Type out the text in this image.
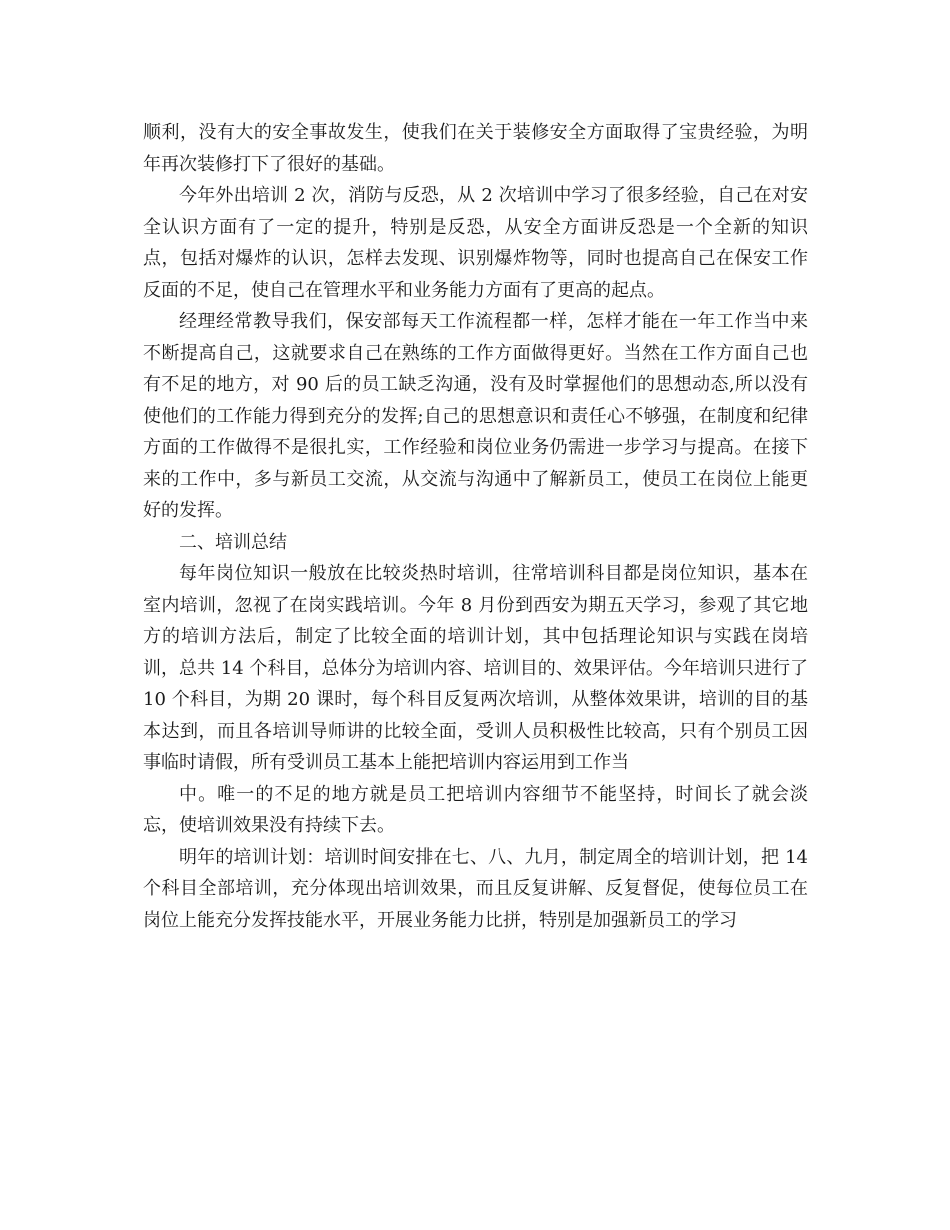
顺利，没有大的安全事故发生，使我们在关于装修安全方面取得了宝贵经验，为明年再次装修打下了很好的基础。

今年外出培训 2 次，消防与反恐，从 2 次培训中学习了很多经验，自己在对安全认识方面有了一定的提升，特别是反恐，从安全方面讲反恐是一个全新的知识点，包括对爆炸的认识，怎样去发现、识别爆炸物等，同时也提高自己在保安工作反面的不足，使自己在管理水平和业务能力方面有了更高的起点。

经理经常教导我们，保安部每天工作流程都一样，怎样才能在一年工作当中来不断提高自己，这就要求自己在熟练的工作方面做得更好。当然在工作方面自己也有不足的地方，对 90 后的员工缺乏沟通，没有及时掌握他们的思想动态,所以没有使他们的工作能力得到充分的发挥;自己的思想意识和责任心不够强，在制度和纪律方面的工作做得不是很扎实，工作经验和岗位业务仍需进一步学习与提高。在接下来的工作中，多与新员工交流，从交流与沟通中了解新员工，使员工在岗位上能更好的发挥。

二、培训总结

每年岗位知识一般放在比较炎热时培训，往常培训科目都是岗位知识，基本在室内培训，忽视了在岗实践培训。今年 8 月份到西安为期五天学习，参观了其它地方的培训方法后，制定了比较全面的培训计划，其中包括理论知识与实践在岗培训，总共 14 个科目，总体分为培训内容、培训目的、效果评估。今年培训只进行了 10 个科目，为期 20 课时，每个科目反复两次培训，从整体效果讲，培训的目的基本达到，而且各培训导师讲的比较全面，受训人员积极性比较高，只有个别员工因事临时请假，所有受训员工基本上能把培训内容运用到工作当

中。唯一的不足的地方就是员工把培训内容细节不能坚持，时间长了就会淡忘，使培训效果没有持续下去。

明年的培训计划：培训时间安排在七、八、九月，制定周全的培训计划，把 14 个科目全部培训，充分体现出培训效果，而且反复讲解、反复督促，使每位员工在岗位上能充分发挥技能水平，开展业务能力比拼，特别是加强新员工的学习
